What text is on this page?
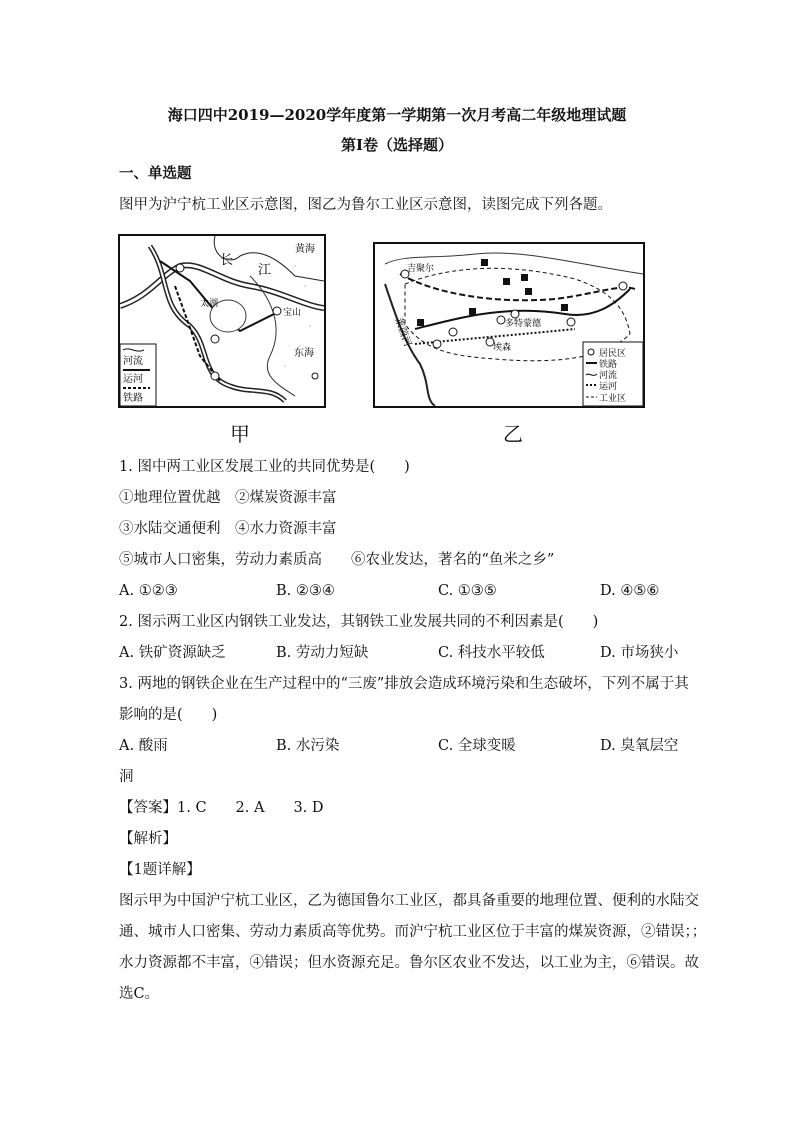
海口四中2019—2020学年度第一学期第一次月考高二年级地理试题
第I卷（选择题）
一、单选题
图甲为沪宁杭工业区示意图，图乙为鲁尔工业区示意图，读图完成下列各题。
长
江
黄海
太湖
宝山
东海
河流
运河
铁路
甲
吉聚尔
莱茵河	多特蒙德
埃森
居民区
铁路
河流
运河
工业区
乙
1. 图中两工业区发展工业的共同优势是(　　)
①地理位置优越　②煤炭资源丰富
③水陆交通便利　④水力资源丰富
⑤城市人口密集，劳动力素质高　　⑥农业发达，著名的“鱼米之乡”
A. ①②③	B. ②③④	C. ①③⑤	D. ④⑤⑥
2. 图示两工业区内钢铁工业发达，其钢铁工业发展共同的不利因素是(　　)
A. 铁矿资源缺乏	B. 劳动力短缺	C. 科技水平较低	D. 市场狭小
3. 两地的钢铁企业在生产过程中的“三废”排放会造成环境污染和生态破坏，下列不属于其
影响的是(　　)
A. 酸雨	B. 水污染	C. 全球变暖	D. 臭氧层空
洞
【答案】1. C　　2. A　　3. D
【解析】
【1题详解】
图示甲为中国沪宁杭工业区，乙为德国鲁尔工业区，都具备重要的地理位置、便利的水陆交
通、城市人口密集、劳动力素质高等优势。而沪宁杭工业区位于丰富的煤炭资源，②错误；；
水力资源都不丰富，④错误；但水资源充足。鲁尔区农业不发达，以工业为主，⑥错误。故
选C。
